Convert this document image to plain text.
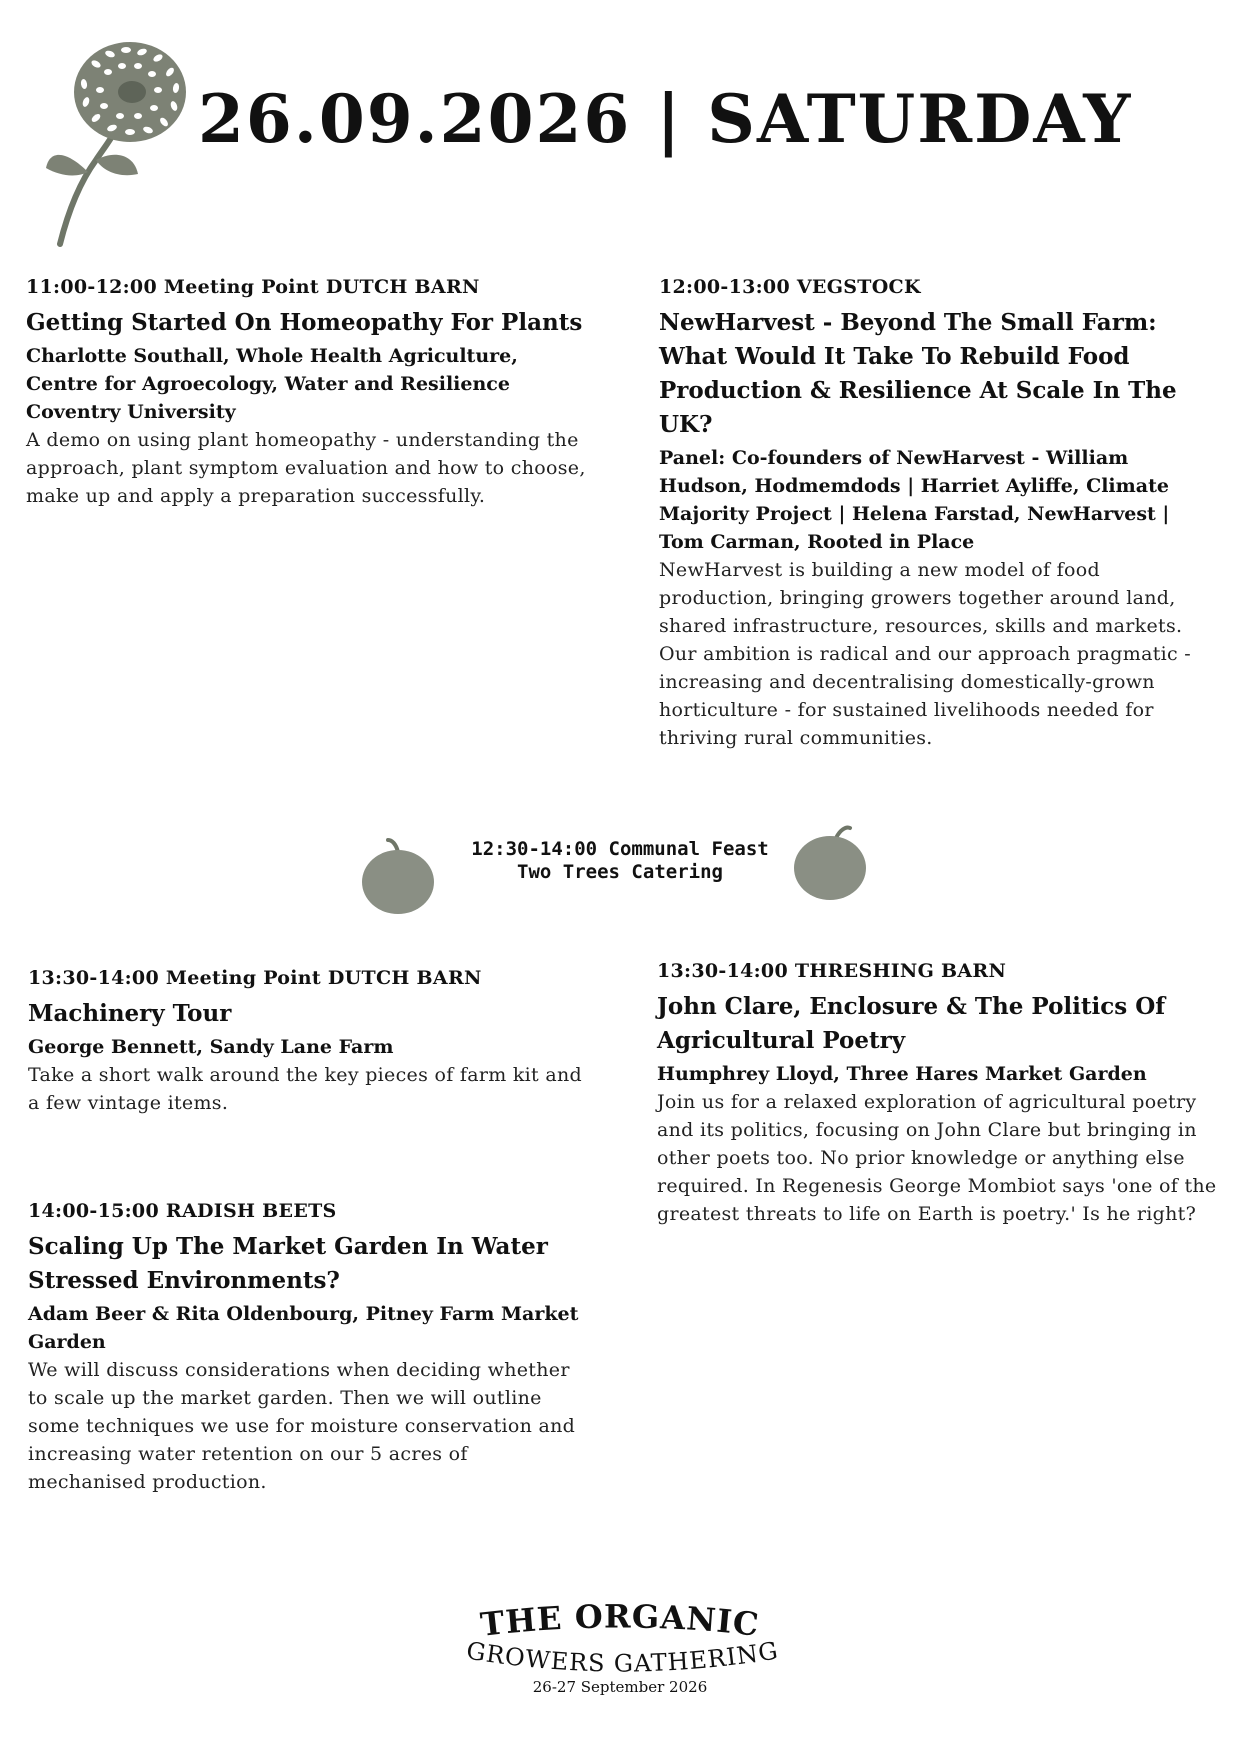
26.09.2026 | SATURDAY

11:00-12:00 Meeting Point DUTCH BARN

Getting Started On Homeopathy For Plants

Charlotte Southall, Whole Health Agriculture, Centre for Agroecology, Water and Resilience Coventry University

A demo on using plant homeopathy - understanding the approach, plant symptom evaluation and how to choose, make up and apply a preparation successfully.

12:00-13:00 VEGSTOCK

NewHarvest - Beyond The Small Farm: What Would It Take To Rebuild Food Production & Resilience At Scale In The UK?

Panel: Co-founders of NewHarvest - William Hudson, Hodmemdods | Harriet Ayliffe, Climate Majority Project | Helena Farstad, NewHarvest | Tom Carman, Rooted in Place

NewHarvest is building a new model of food production, bringing growers together around land, shared infrastructure, resources, skills and markets. Our ambition is radical and our approach pragmatic - increasing and decentralising domestically-grown horticulture - for sustained livelihoods needed for thriving rural communities.

12:30-14:00 Communal Feast
Two Trees Catering

13:30-14:00 Meeting Point DUTCH BARN

Machinery Tour

George Bennett, Sandy Lane Farm

Take a short walk around the key pieces of farm kit and a few vintage items.

13:30-14:00 THRESHING BARN

John Clare, Enclosure & The Politics Of Agricultural Poetry

Humphrey Lloyd, Three Hares Market Garden

Join us for a relaxed exploration of agricultural poetry and its politics, focusing on John Clare but bringing in other poets too. No prior knowledge or anything else required. In Regenesis George Mombiot says 'one of the greatest threats to life on Earth is poetry.' Is he right?

14:00-15:00 RADISH BEETS

Scaling Up The Market Garden In Water Stressed Environments?

Adam Beer & Rita Oldenbourg, Pitney Farm Market Garden

We will discuss considerations when deciding whether to scale up the market garden. Then we will outline some techniques we use for moisture conservation and increasing water retention on our 5 acres of mechanised production.

THE ORGANIC
GROWERS GATHERING
26-27 September 2026
